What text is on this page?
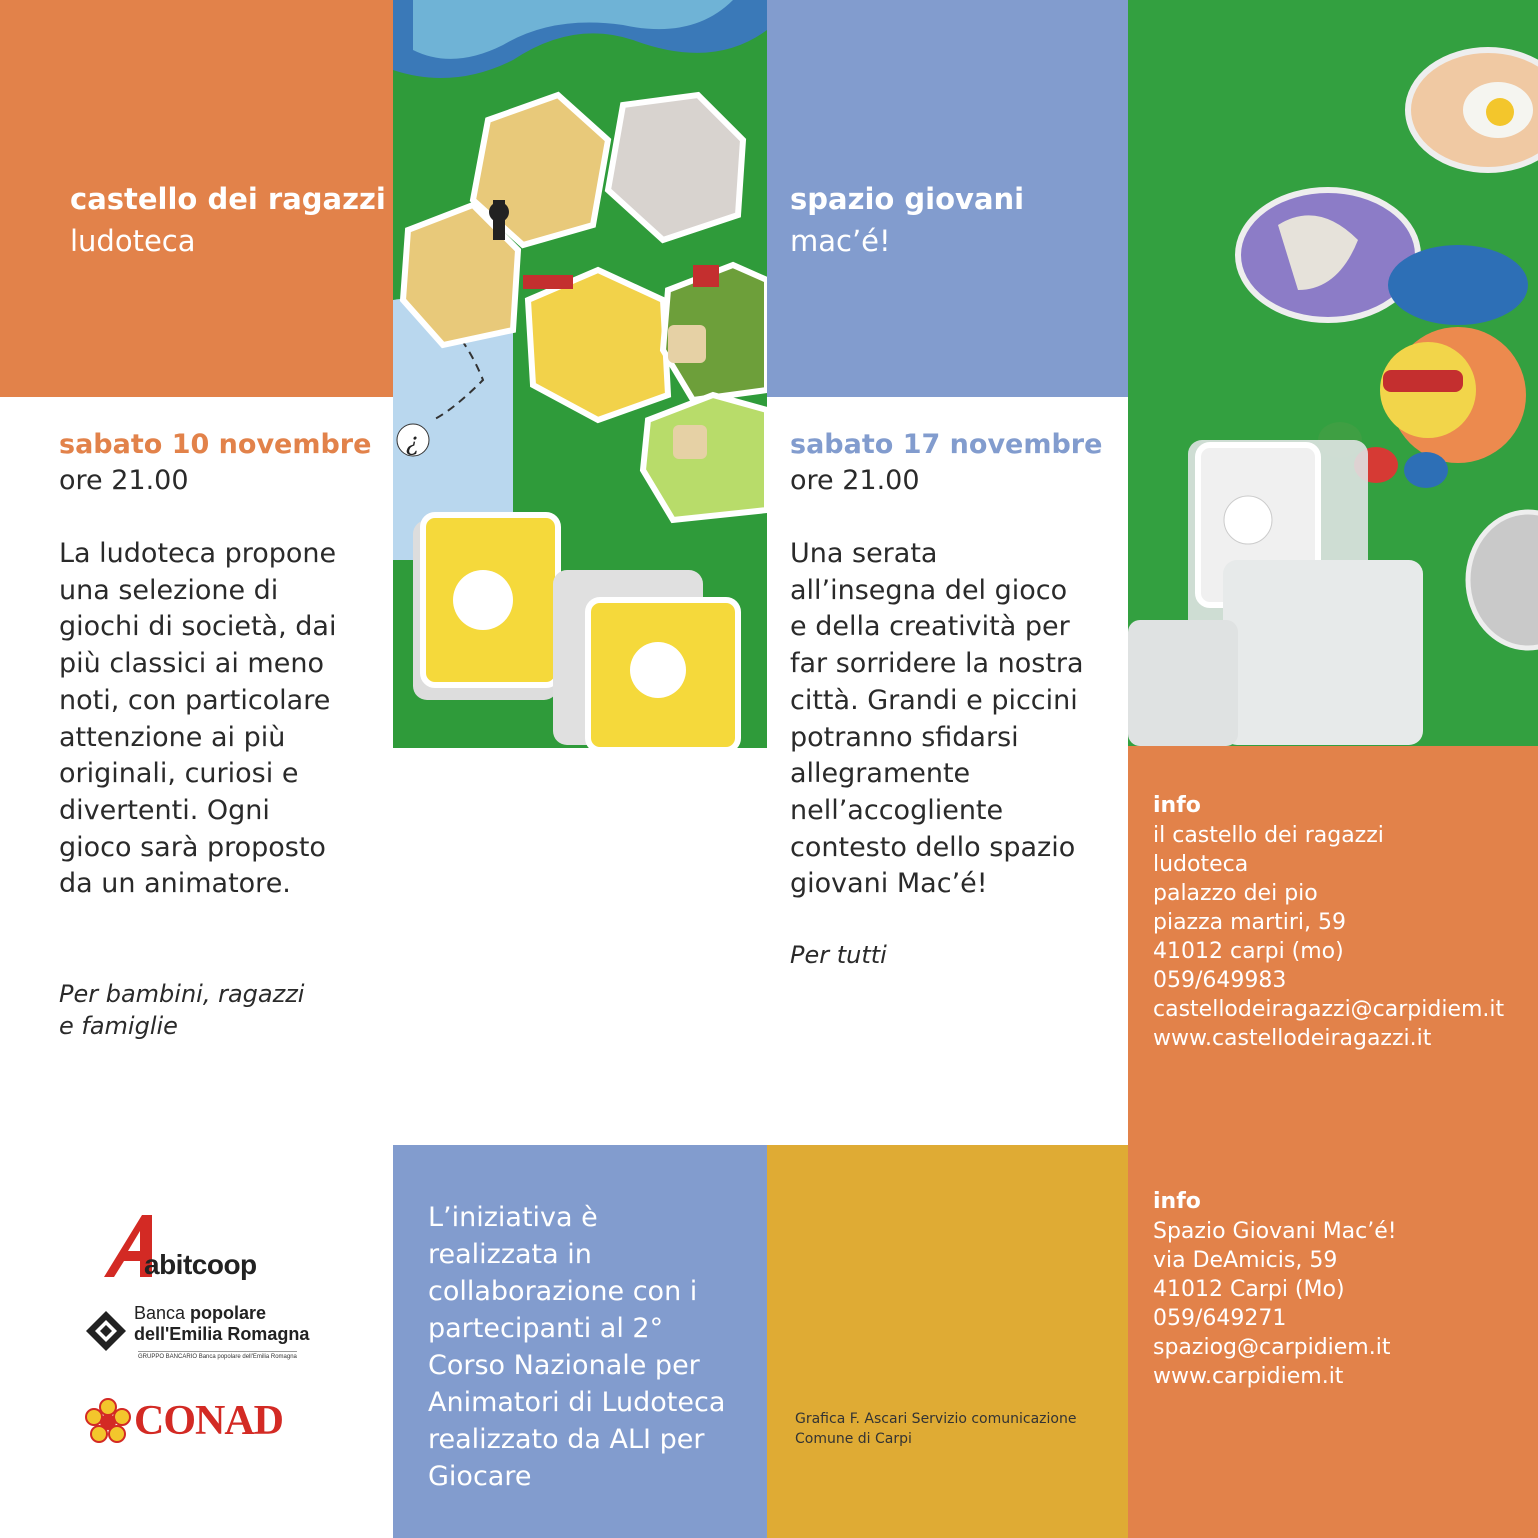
castello dei ragazzi
ludoteca
¿
spazio giovani
mac’é!
sabato 10 novembre
ore 21.00
La ludoteca propone una selezione di giochi di società, dai più classici ai meno noti, con particolare attenzione ai più originali, curiosi e divertenti. Ogni gioco sarà proposto da un animatore.
Per bambini, ragazzi
e famiglie
sabato 17 novembre
ore 21.00
Una serata all’insegna del gioco e della creatività per far sorridere la nostra città. Grandi e piccini potranno sfidarsi allegramente nell’accogliente contesto dello spazio giovani Mac’é!
Per tutti
info
il castello dei ragazzi
ludoteca
palazzo dei pio
piazza martiri, 59
41012 carpi (mo)
059/649983
castellodeiragazzi@carpidiem.it
www.castellodeiragazzi.it
info
Spazio Giovani Mac’é!
via DeAmicis, 59
41012 Carpi (Mo)
059/649271
spaziog@carpidiem.it
www.carpidiem.it
abitcoop
Banca popolare
dell'Emilia Romagna
GRUPPO BANCARIO Banca popolare dell'Emilia Romagna
CONAD
L’iniziativa è realizzata in collaborazione con i partecipanti al 2° Corso Nazionale per Animatori di Ludoteca realizzato da ALI per Giocare
Grafica F. Ascari Servizio comunicazione
Comune di Carpi
